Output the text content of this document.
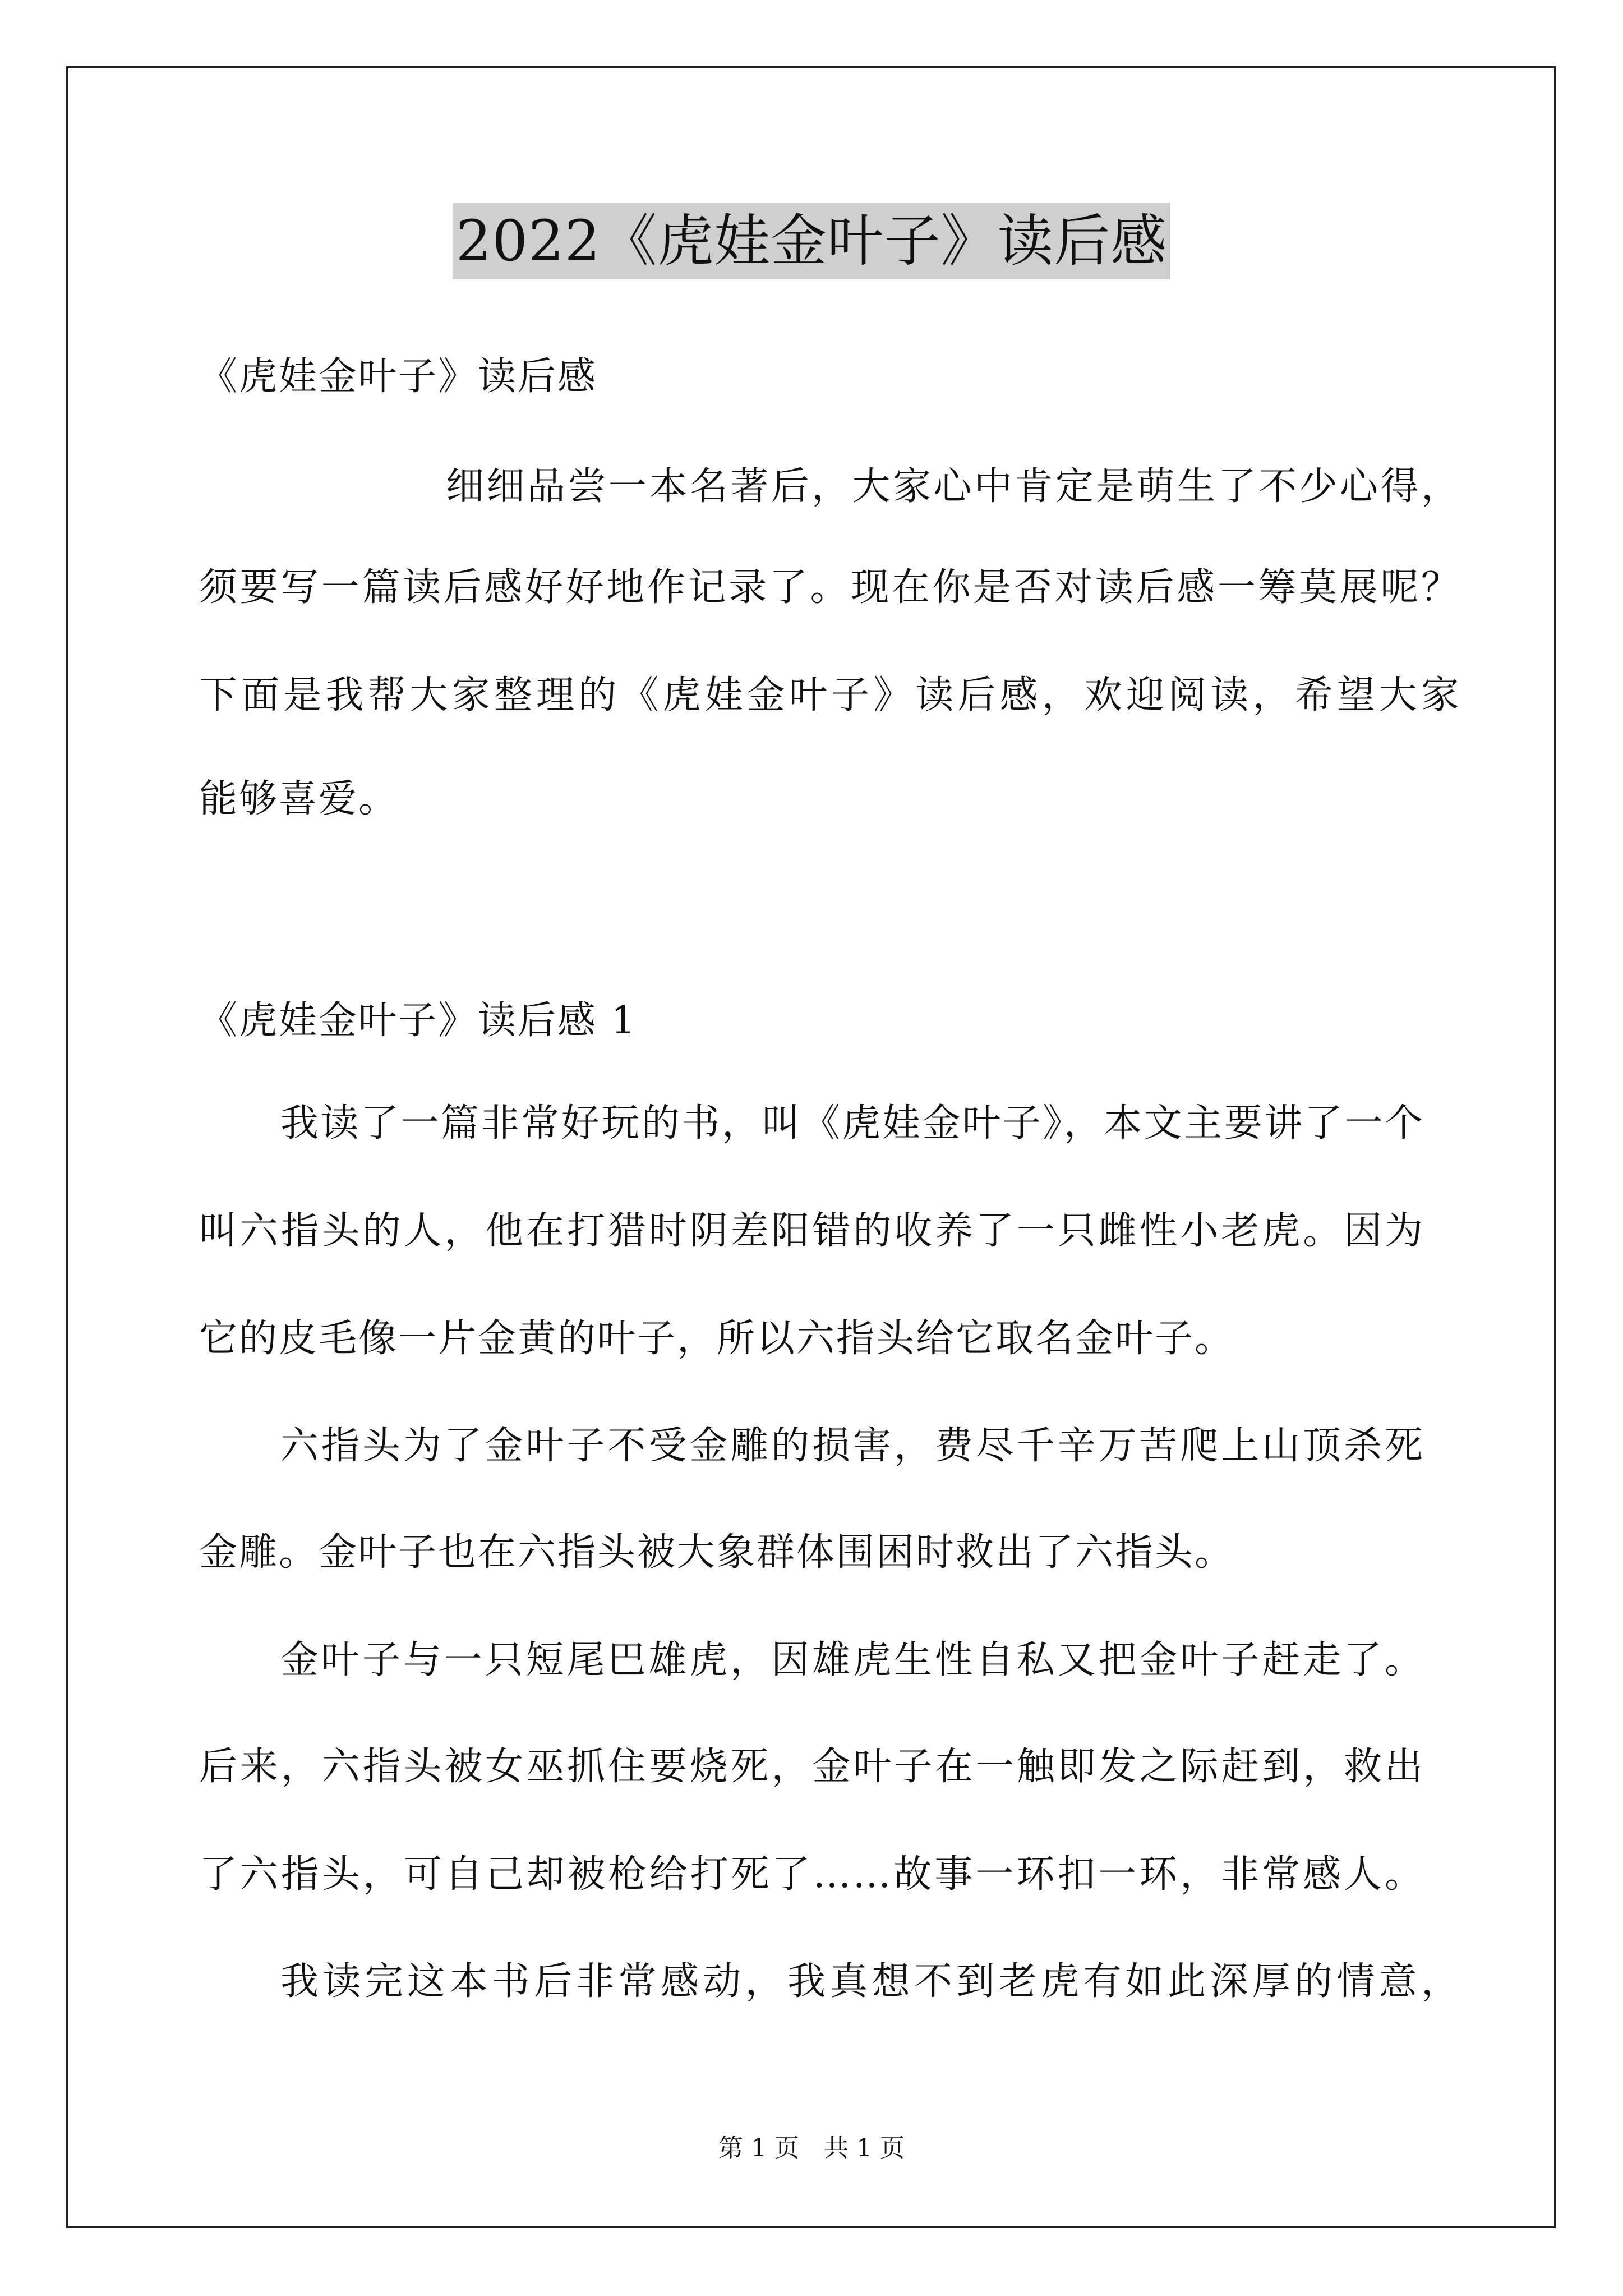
2022《虎娃金叶子》读后感
《虎娃金叶子》读后感
细细品尝一本名著后，大家心中肯定是萌生了不少心得，
须要写一篇读后感好好地作记录了。现在你是否对读后感一筹莫展呢？
下面是我帮大家整理的《虎娃金叶子》读后感，欢迎阅读，希望大家
能够喜爱。
《虎娃金叶子》读后感 1
我读了一篇非常好玩的书，叫《虎娃金叶子》，本文主要讲了一个
叫六指头的人，他在打猎时阴差阳错的收养了一只雌性小老虎。因为
它的皮毛像一片金黄的叶子，所以六指头给它取名金叶子。
六指头为了金叶子不受金雕的损害，费尽千辛万苦爬上山顶杀死
金雕。金叶子也在六指头被大象群体围困时救出了六指头。
金叶子与一只短尾巴雄虎，因雄虎生性自私又把金叶子赶走了。
后来，六指头被女巫抓住要烧死，金叶子在一触即发之际赶到，救出
了六指头，可自己却被枪给打死了……故事一环扣一环，非常感人。
我读完这本书后非常感动，我真想不到老虎有如此深厚的情意，
第 1 页　共 1 页
